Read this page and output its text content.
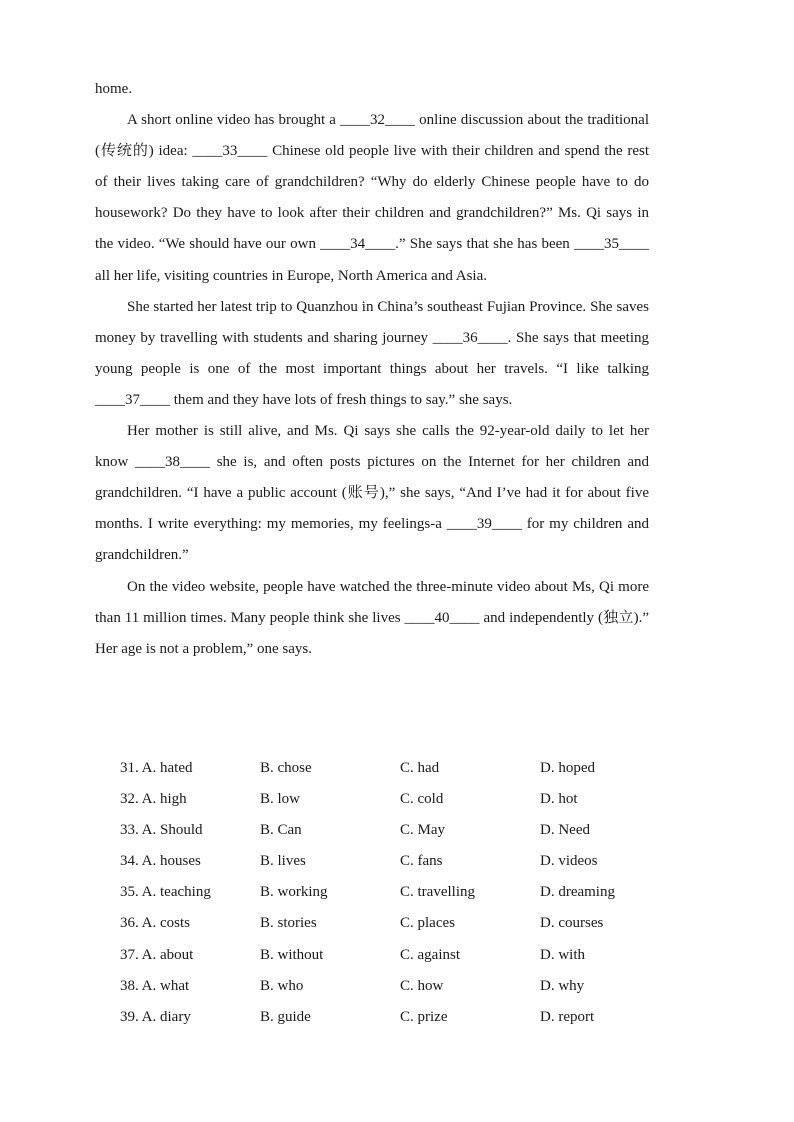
home.

A short online video has brought a ____32____ online discussion about the traditional (传统的) idea: ____33____ Chinese old people live with their children and spend the rest of their lives taking care of grandchildren? “Why do elderly Chinese people have to do housework? Do they have to look after their children and grandchildren?” Ms. Qi says in the video. “We should have our own ____34____.” She says that she has been ____35____ all her life, visiting countries in Europe, North America and Asia.

She started her latest trip to Quanzhou in China’s southeast Fujian Province. She saves money by travelling with students and sharing journey ____36____. She says that meeting young people is one of the most important things about her travels. “I like talking ____37____ them and they have lots of fresh things to say.” she says.

Her mother is still alive, and Ms. Qi says she calls the 92-year-old daily to let her know ____38____ she is, and often posts pictures on the Internet for her children and grandchildren. “I have a public account (账号),” she says, “And I’ve had it for about five months. I write everything: my memories, my feelings-a ____39____ for my children and grandchildren.”

On the video website, people have watched the three-minute video about Ms, Qi more than 11 million times. Many people think she lives ____40____ and independently (独立).” Her age is not a problem,” one says.

31. A. hated	B. chose	C. had	D. hoped
32. A. high	B. low	C. cold	D. hot
33. A. Should	B. Can	C. May	D. Need
34. A. houses	B. lives	C. fans	D. videos
35. A. teaching	B. working	C. travelling	D. dreaming
36. A. costs	B. stories	C. places	D. courses
37. A. about	B. without	C. against	D. with
38. A. what	B. who	C. how	D. why
39. A. diary	B. guide	C. prize	D. report
